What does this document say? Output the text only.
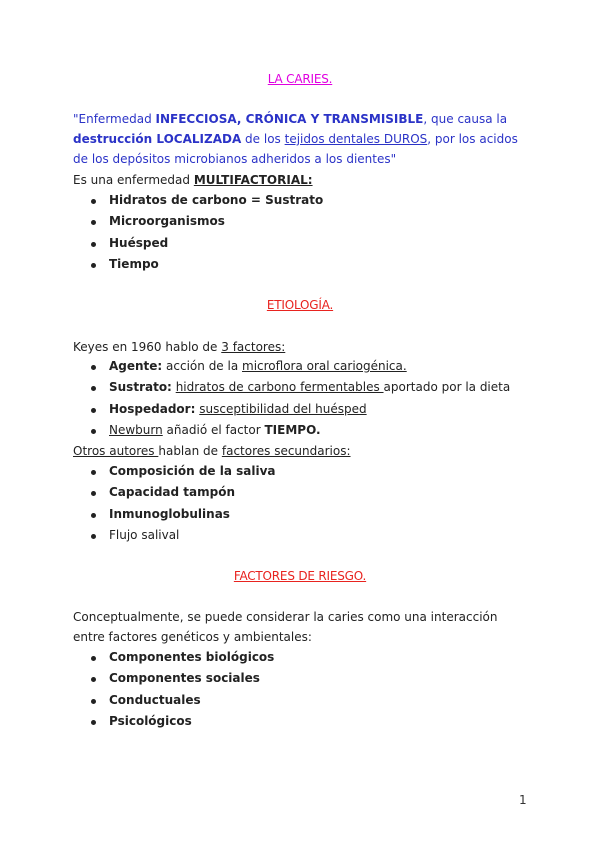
LA CARIES.
"Enfermedad INFECCIOSA, CRÓNICA Y TRANSMISIBLE, que causa la
destrucción LOCALIZADA de los tejidos dentales DUROS, por los acidos
de los depósitos microbianos adheridos a los dientes"
Es una enfermedad MULTIFACTORIAL:
Hidratos de carbono = Sustrato
Microorganismos
Huésped
Tiempo
ETIOLOGÍA.
Keyes en 1960 hablo de 3 factores:
Agente: acción de la microflora oral cariogénica.
Sustrato: hidratos de carbono fermentables aportado por la dieta
Hospedador: susceptibilidad del huésped
Newburn añadió el factor TIEMPO.
Otros autores hablan de factores secundarios:
Composición de la saliva
Capacidad tampón
Inmunoglobulinas
Flujo salival
FACTORES DE RIESGO.
Conceptualmente, se puede considerar la caries como una interacción
entre factores genéticos y ambientales:
Componentes biológicos
Componentes sociales
Conductuales
Psicológicos
1
